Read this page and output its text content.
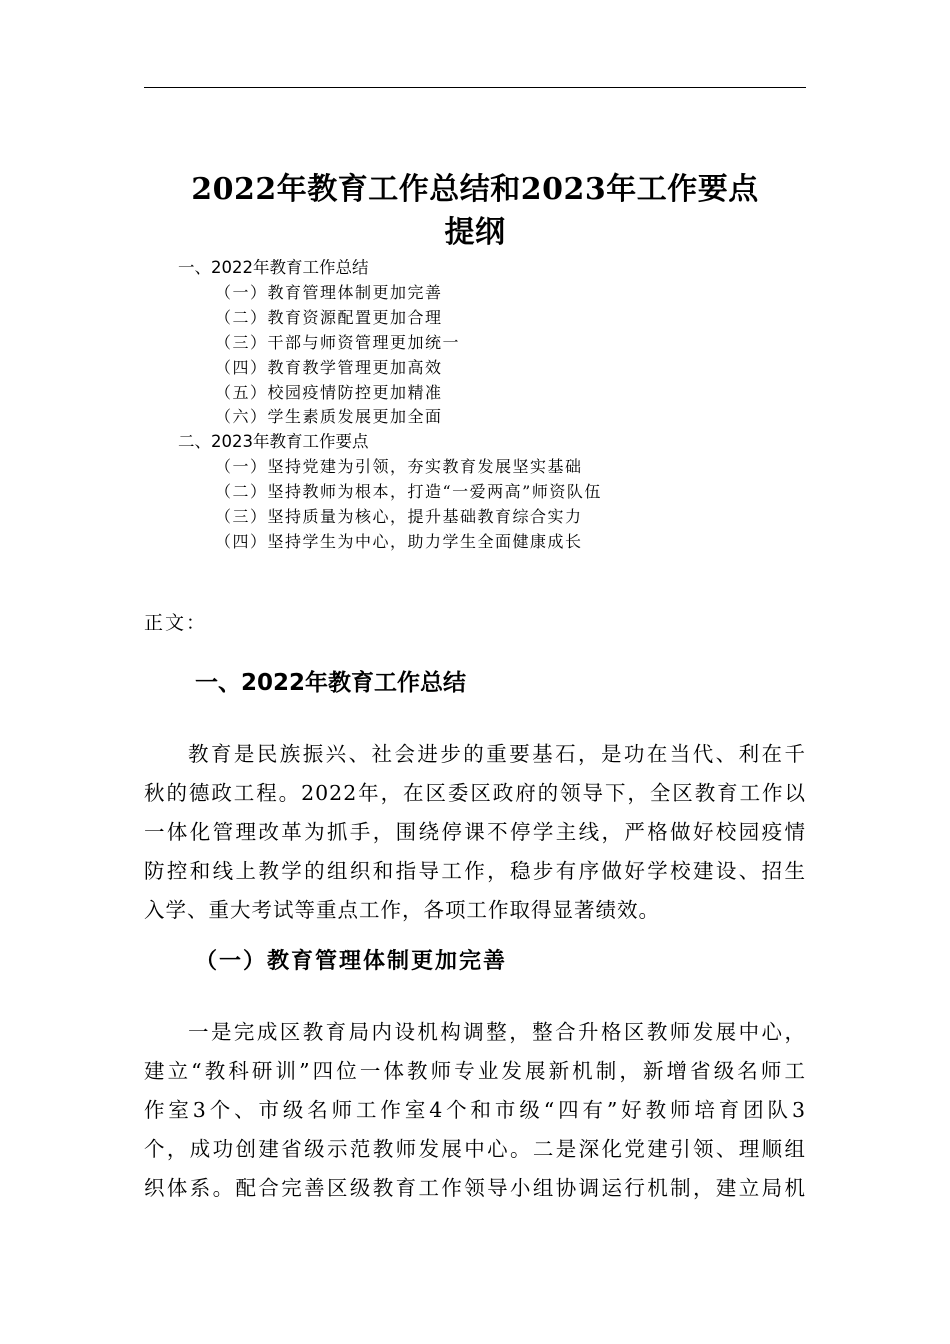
2022年教育工作总结和2023年工作要点
提纲
一、2022年教育工作总结
（一）教育管理体制更加完善
（二）教育资源配置更加合理
（三）干部与师资管理更加统一
（四）教育教学管理更加高效
（五）校园疫情防控更加精准
（六）学生素质发展更加全面
二、2023年教育工作要点
（一）坚持党建为引领，夯实教育发展坚实基础
（二）坚持教师为根本，打造“一爱两高”师资队伍
（三）坚持质量为核心，提升基础教育综合实力
（四）坚持学生为中心，助力学生全面健康成长
正文：
一、2022年教育工作总结
教育是民族振兴、社会进步的重要基石，是功在当代、利在千
秋的德政工程。2022年，在区委区政府的领导下，全区教育工作以
一体化管理改革为抓手，围绕停课不停学主线，严格做好校园疫情
防控和线上教学的组织和指导工作，稳步有序做好学校建设、招生
入学、重大考试等重点工作，各项工作取得显著绩效。
（一）教育管理体制更加完善
一是完成区教育局内设机构调整，整合升格区教师发展中心，
建立“教科研训”四位一体教师专业发展新机制，新增省级名师工
作室3个、市级名师工作室4个和市级“四有”好教师培育团队3
个，成功创建省级示范教师发展中心。二是深化党建引领、理顺组
织体系。配合完善区级教育工作领导小组协调运行机制，建立局机
